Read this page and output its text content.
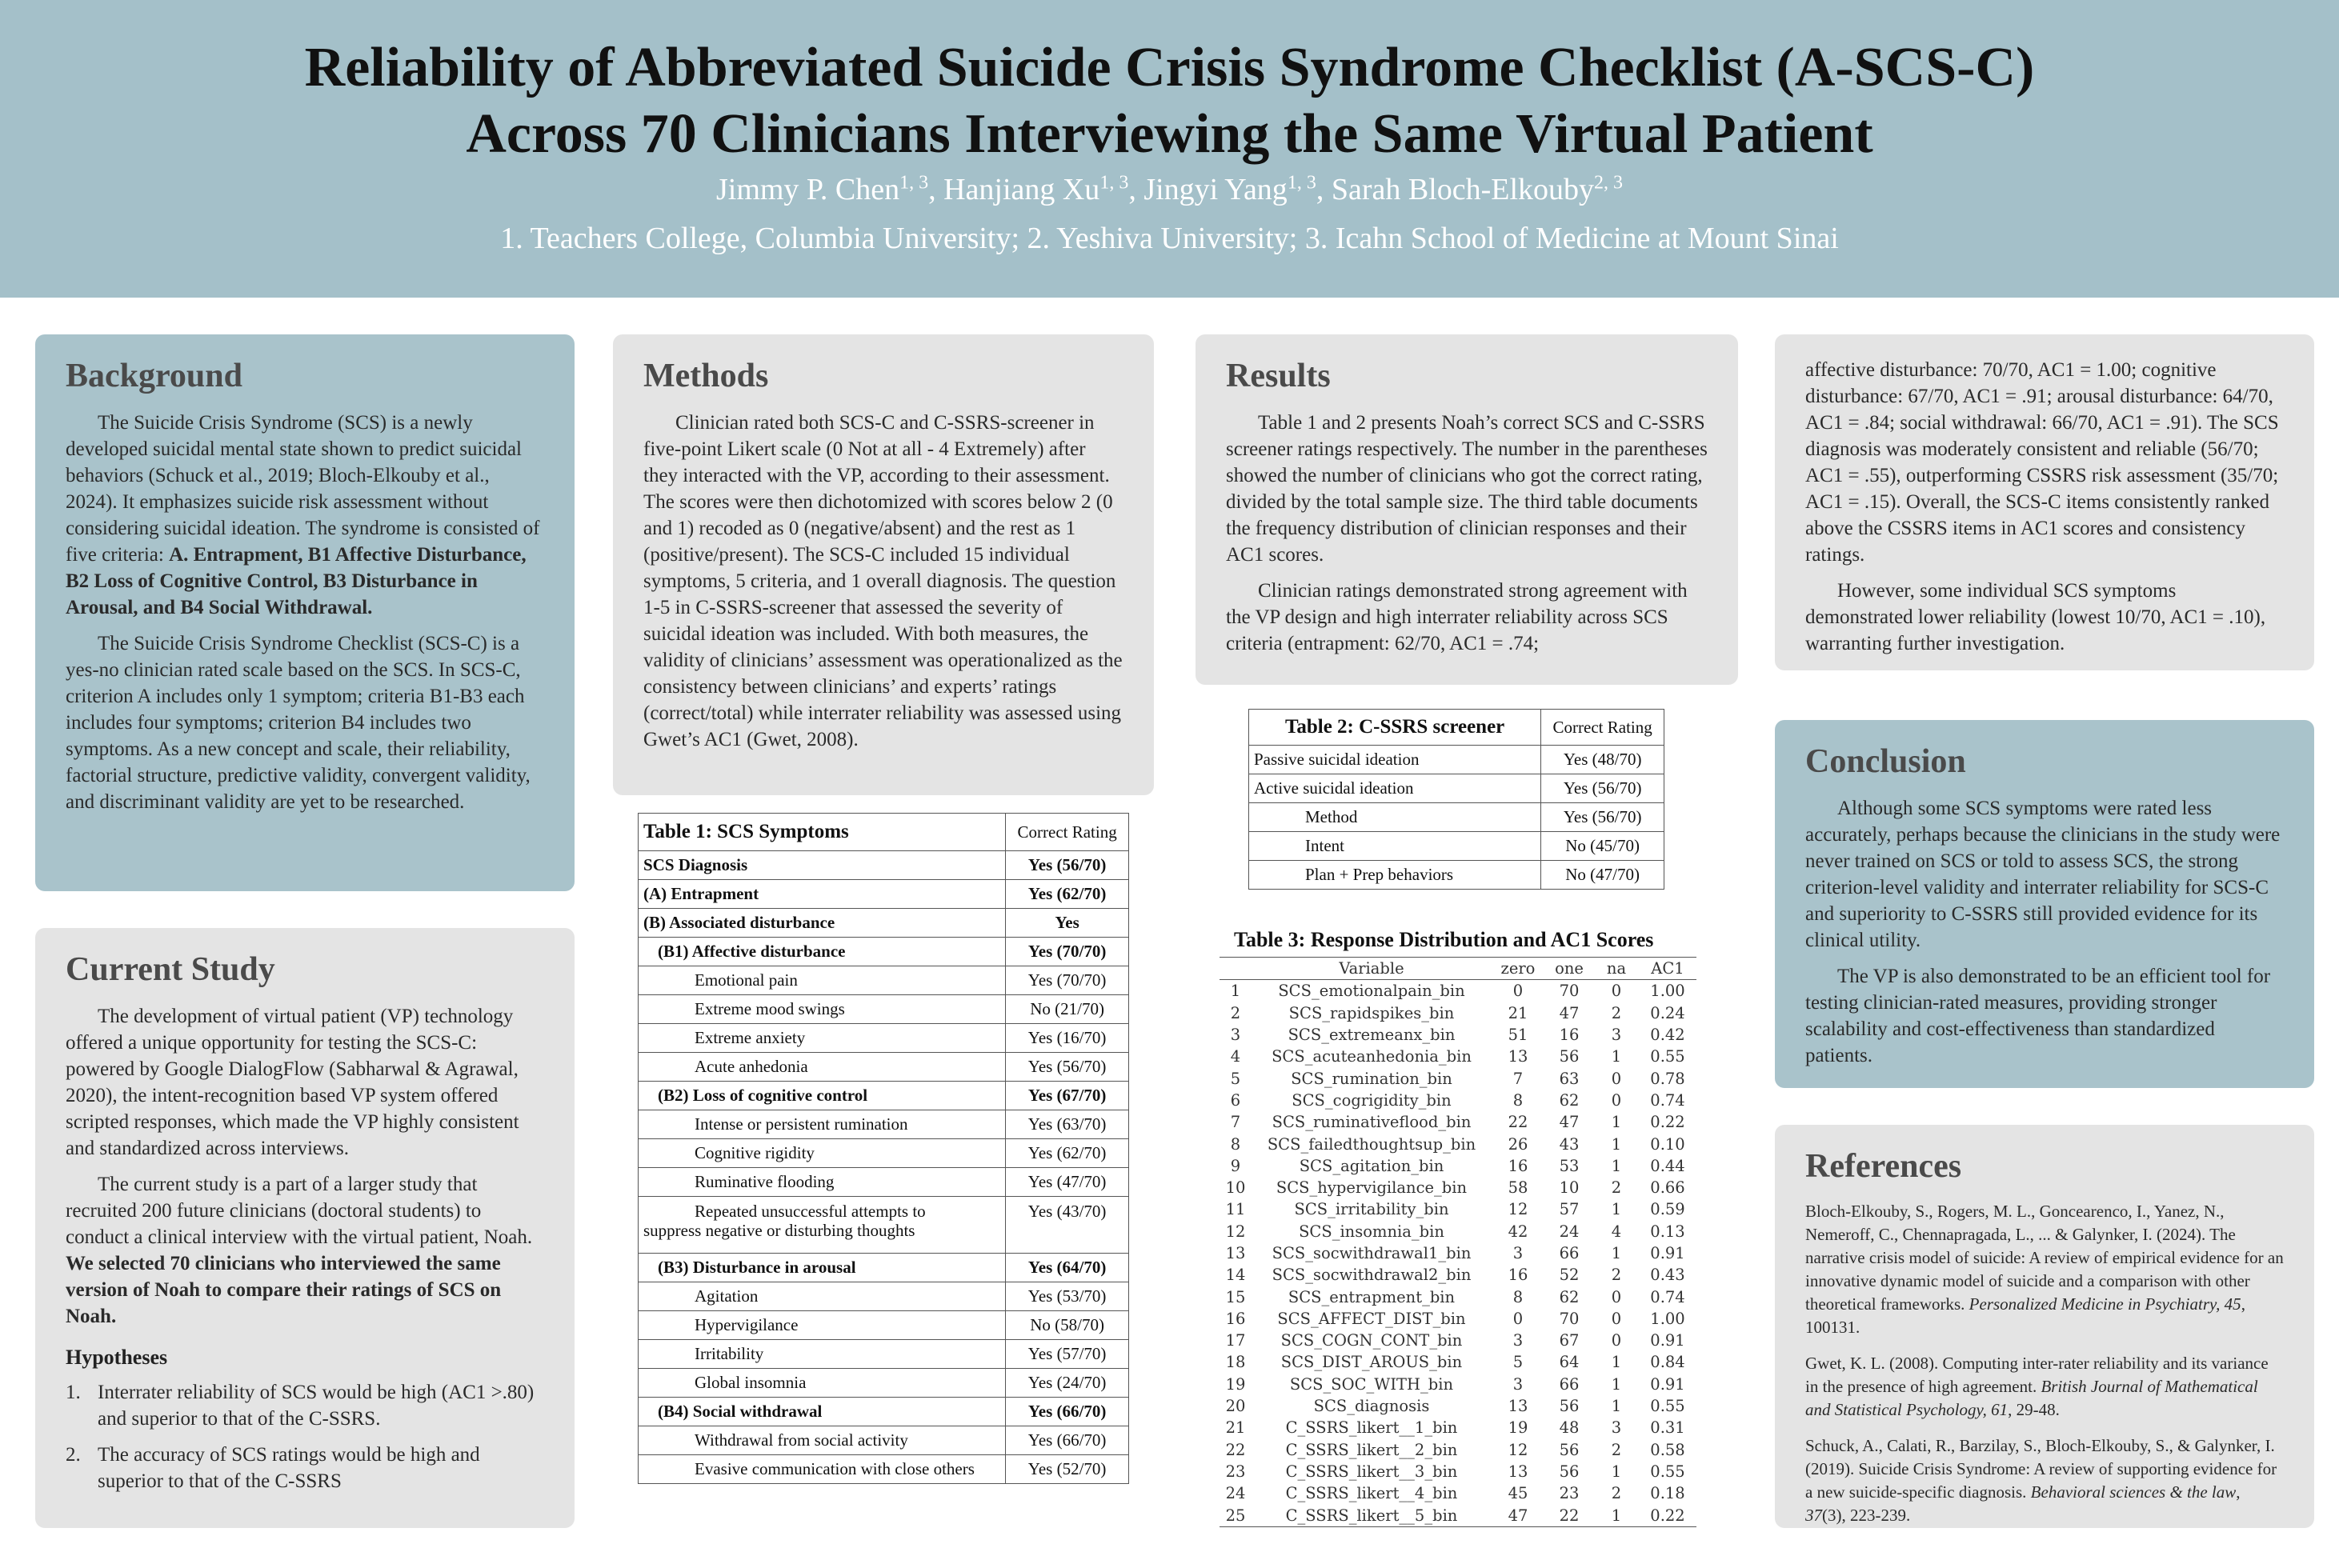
Reliability of Abbreviated Suicide Crisis Syndrome Checklist (A-SCS-C)
Across 70 Clinicians Interviewing the Same Virtual Patient
Jimmy P. Chen$^{1, 3}$, Hanjiang Xu$^{1, 3}$, Jingyi Yang$^{1, 3}$, Sarah Bloch-Elkouby$^{2, 3}$
1. Teachers College, Columbia University; 2. Yeshiva University; 3. Icahn School of Medicine at Mount Sinai
Background

The Suicide Crisis Syndrome (SCS) is a newly developed suicidal mental state shown to predict suicidal behaviors (Schuck et al., 2019; Bloch-Elkouby et al., 2024). It emphasizes suicide risk assessment without considering suicidal ideation. The syndrome is consisted of five criteria: A. Entrapment, B1 Affective Disturbance, B2 Loss of Cognitive Control, B3 Disturbance in Arousal, and B4 Social Withdrawal.

The Suicide Crisis Syndrome Checklist (SCS-C) is a yes-no clinician rated scale based on the SCS. In SCS-C, criterion A includes only 1 symptom; criteria B1-B3 each includes four symptoms; criterion B4 includes two symptoms. As a new concept and scale, their reliability, factorial structure, predictive validity, convergent validity, and discriminant validity are yet to be researched.

Current Study

The development of virtual patient (VP) technology offered a unique opportunity for testing the SCS-C: powered by Google DialogFlow (Sabharwal & Agrawal, 2020), the intent-recognition based VP system offered scripted responses, which made the VP highly consistent and standardized across interviews.

The current study is a part of a larger study that recruited 200 future clinicians (doctoral students) to conduct a clinical interview with the virtual patient, Noah. We selected 70 clinicians who interviewed the same version of Noah to compare their ratings of SCS on Noah.

Hypotheses
1. Interrater reliability of SCS would be high (AC1 >.80) and superior to that of the C-SSRS.
2. The accuracy of SCS ratings would be high and superior to that of the C-SSRS
Methods

Clinician rated both SCS-C and C-SSRS-screener in five-point Likert scale (0 Not at all - 4 Extremely) after they interacted with the VP, according to their assessment. The scores were then dichotomized with scores below 2 (0 and 1) recoded as 0 (negative/absent) and the rest as 1 (positive/present). The SCS-C included 15 individual symptoms, 5 criteria, and 1 overall diagnosis. The question 1-5 in C-SSRS-screener that assessed the severity of suicidal ideation was included. With both measures, the validity of clinicians’ assessment was operationalized as the consistency between clinicians’ and experts’ ratings (correct/total) while interrater reliability was assessed using Gwet’s AC1 (Gwet, 2008).

Table 1: SCS Symptoms	Correct Rating
SCS Diagnosis	Yes (56/70)
(A) Entrapment	Yes (62/70)
(B) Associated disturbance	Yes
(B1) Affective disturbance	Yes (70/70)
Emotional pain	Yes (70/70)
Extreme mood swings	No (21/70)
Extreme anxiety	Yes (16/70)
Acute anhedonia	Yes (56/70)
(B2) Loss of cognitive control	Yes (67/70)
Intense or persistent rumination	Yes (63/70)
Cognitive rigidity	Yes (62/70)
Ruminative flooding	Yes (47/70)

Repeated unsuccessful attempts to
suppress negative or disturbing thoughts	Yes (43/70)
(B3) Disturbance in arousal	Yes (64/70)
Agitation	Yes (53/70)
Hypervigilance	No (58/70)
Irritability	Yes (57/70)
Global insomnia	Yes (24/70)
(B4) Social withdrawal	Yes (66/70)
Withdrawal from social activity	Yes (66/70)
Evasive communication with close others	Yes (52/70)
Results

Table 1 and 2 presents Noah’s correct SCS and C-SSRS screener ratings respectively. The number in the parentheses showed the number of clinicians who got the correct rating, divided by the total sample size. The third table documents the frequency distribution of clinician responses and their AC1 scores.

Clinician ratings demonstrated strong agreement with the VP design and high interrater reliability across SCS criteria (entrapment: 62/70, AC1 = .74;

Table 2: C-SSRS screener	Correct Rating
Passive suicidal ideation	Yes (48/70)
Active suicidal ideation	Yes (56/70)
Method	Yes (56/70)
Intent	No (45/70)
Plan + Prep behaviors	No (47/70)
Table 3: Response Distribution and AC1 Scores
	Variable	zero	one	na	AC1
1	SCS_emotionalpain_bin	0	70	0	1.00
2	SCS_rapidspikes_bin	21	47	2	0.24
3	SCS_extremeanx_bin	51	16	3	0.42
4	SCS_acuteanhedonia_bin	13	56	1	0.55
5	SCS_rumination_bin	7	63	0	0.78
6	SCS_cogrigidity_bin	8	62	0	0.74
7	SCS_ruminativeflood_bin	22	47	1	0.22
8	SCS_failedthoughtsup_bin	26	43	1	0.10
9	SCS_agitation_bin	16	53	1	0.44
10	SCS_hypervigilance_bin	58	10	2	0.66
11	SCS_irritability_bin	12	57	1	0.59
12	SCS_insomnia_bin	42	24	4	0.13
13	SCS_socwithdrawal1_bin	3	66	1	0.91
14	SCS_socwithdrawal2_bin	16	52	2	0.43
15	SCS_entrapment_bin	8	62	0	0.74
16	SCS_AFFECT_DIST_bin	0	70	0	1.00
17	SCS_COGN_CONT_bin	3	67	0	0.91
18	SCS_DIST_AROUS_bin	5	64	1	0.84
19	SCS_SOC_WITH_bin	3	66	1	0.91
20	SCS_diagnosis	13	56	1	0.55
21	C_SSRS_likert__1_bin	19	48	3	0.31
22	C_SSRS_likert__2_bin	12	56	2	0.58
23	C_SSRS_likert__3_bin	13	56	1	0.55
24	C_SSRS_likert__4_bin	45	23	2	0.18
25	C_SSRS_likert__5_bin	47	22	1	0.22

affective disturbance: 70/70, AC1 = 1.00; cognitive disturbance: 67/70, AC1 = .91; arousal disturbance: 64/70, AC1 = .84; social withdrawal: 66/70, AC1 = .91). The SCS diagnosis was moderately consistent and reliable (56/70; AC1 = .55), outperforming CSSRS risk assessment (35/70; AC1 = .15). Overall, the SCS-C items consistently ranked above the CSSRS items in AC1 scores and consistency ratings.

However, some individual SCS symptoms demonstrated lower reliability (lowest 10/70, AC1 = .10), warranting further investigation.

Conclusion

Although some SCS symptoms were rated less accurately, perhaps because the clinicians in the study were never trained on SCS or told to assess SCS, the strong criterion-level validity and interrater reliability for SCS-C and superiority to C-SSRS still provided evidence for its clinical utility.

The VP is also demonstrated to be an efficient tool for testing clinician-rated measures, providing stronger scalability and cost-effectiveness than standardized patients.

References
Bloch-Elkouby, S., Rogers, M. L., Goncearenco, I., Yanez, N., Nemeroff, C., Chennapragada, L., ... & Galynker, I. (2024). The narrative crisis model of suicide: A review of empirical evidence for an innovative dynamic model of suicide and a comparison with other theoretical frameworks. Personalized Medicine in Psychiatry, 45, 100131.
Gwet, K. L. (2008). Computing inter-rater reliability and its variance in the presence of high agreement. British Journal of Mathematical and Statistical Psychology, 61, 29-48.
Schuck, A., Calati, R., Barzilay, S., Bloch-Elkouby, S., & Galynker, I. (2019). Suicide Crisis Syndrome: A review of supporting evidence for a new suicide-specific diagnosis. Behavioral sciences & the law, 37(3), 223-239.
